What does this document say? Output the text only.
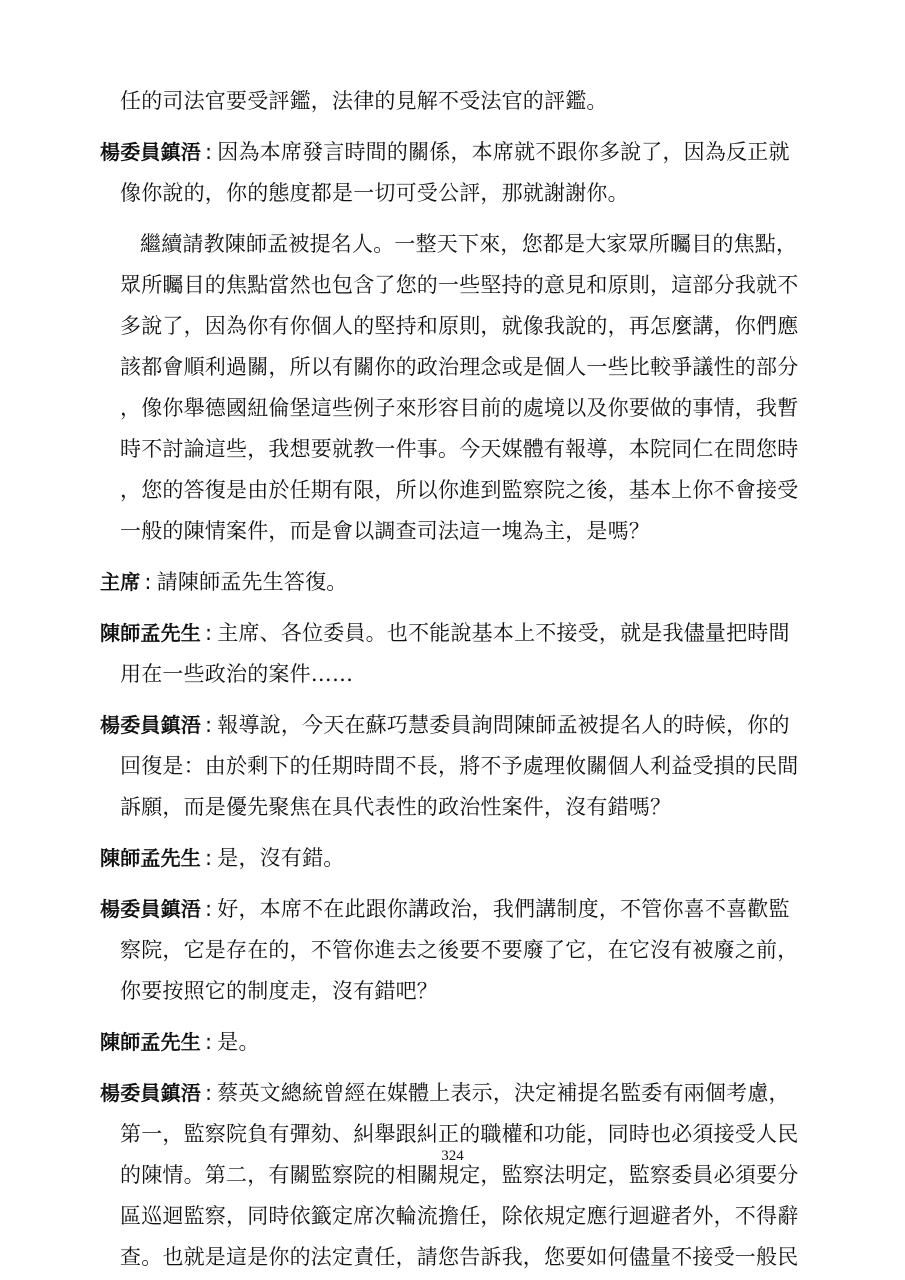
任的司法官要受評鑑，法律的見解不受法官的評鑑。
楊委員鎮浯 : 因為本席發言時間的關係，本席就不跟你多說了，因為反正就
像你說的，你的態度都是一切可受公評，那就謝謝你。
繼續請教陳師孟被提名人。一整天下來，您都是大家眾所矚目的焦點，
眾所矚目的焦點當然也包含了您的一些堅持的意見和原則，這部分我就不
多說了，因為你有你個人的堅持和原則，就像我說的，再怎麼講，你們應
該都會順利過關，所以有關你的政治理念或是個人一些比較爭議性的部分
，像你舉德國紐倫堡這些例子來形容目前的處境以及你要做的事情，我暫
時不討論這些，我想要就教一件事。今天媒體有報導，本院同仁在問您時
，您的答復是由於任期有限，所以你進到監察院之後，基本上你不會接受
一般的陳情案件，而是會以調查司法這一塊為主，是嗎？
主席 : 請陳師孟先生答復。
陳師孟先生 : 主席、各位委員。也不能說基本上不接受，就是我儘量把時間
用在一些政治的案件……
楊委員鎮浯 : 報導說，今天在蘇巧慧委員詢問陳師孟被提名人的時候，你的
回復是：由於剩下的任期時間不長，將不予處理攸關個人利益受損的民間
訴願，而是優先聚焦在具代表性的政治性案件，沒有錯嗎？
陳師孟先生 : 是，沒有錯。
楊委員鎮浯 : 好，本席不在此跟你講政治，我們講制度，不管你喜不喜歡監
察院，它是存在的，不管你進去之後要不要廢了它，在它沒有被廢之前，
你要按照它的制度走，沒有錯吧？
陳師孟先生 : 是。
楊委員鎮浯 : 蔡英文總統曾經在媒體上表示，決定補提名監委有兩個考慮，
第一，監察院負有彈劾、糾舉跟糾正的職權和功能，同時也必須接受人民
的陳情。第二，有關監察院的相關規定，監察法明定，監察委員必須要分
區巡迴監察，同時依籤定席次輪流擔任，除依規定應行迴避者外，不得辭
查。也就是這是你的法定責任，請您告訴我，您要如何儘量不接受一般民
324
